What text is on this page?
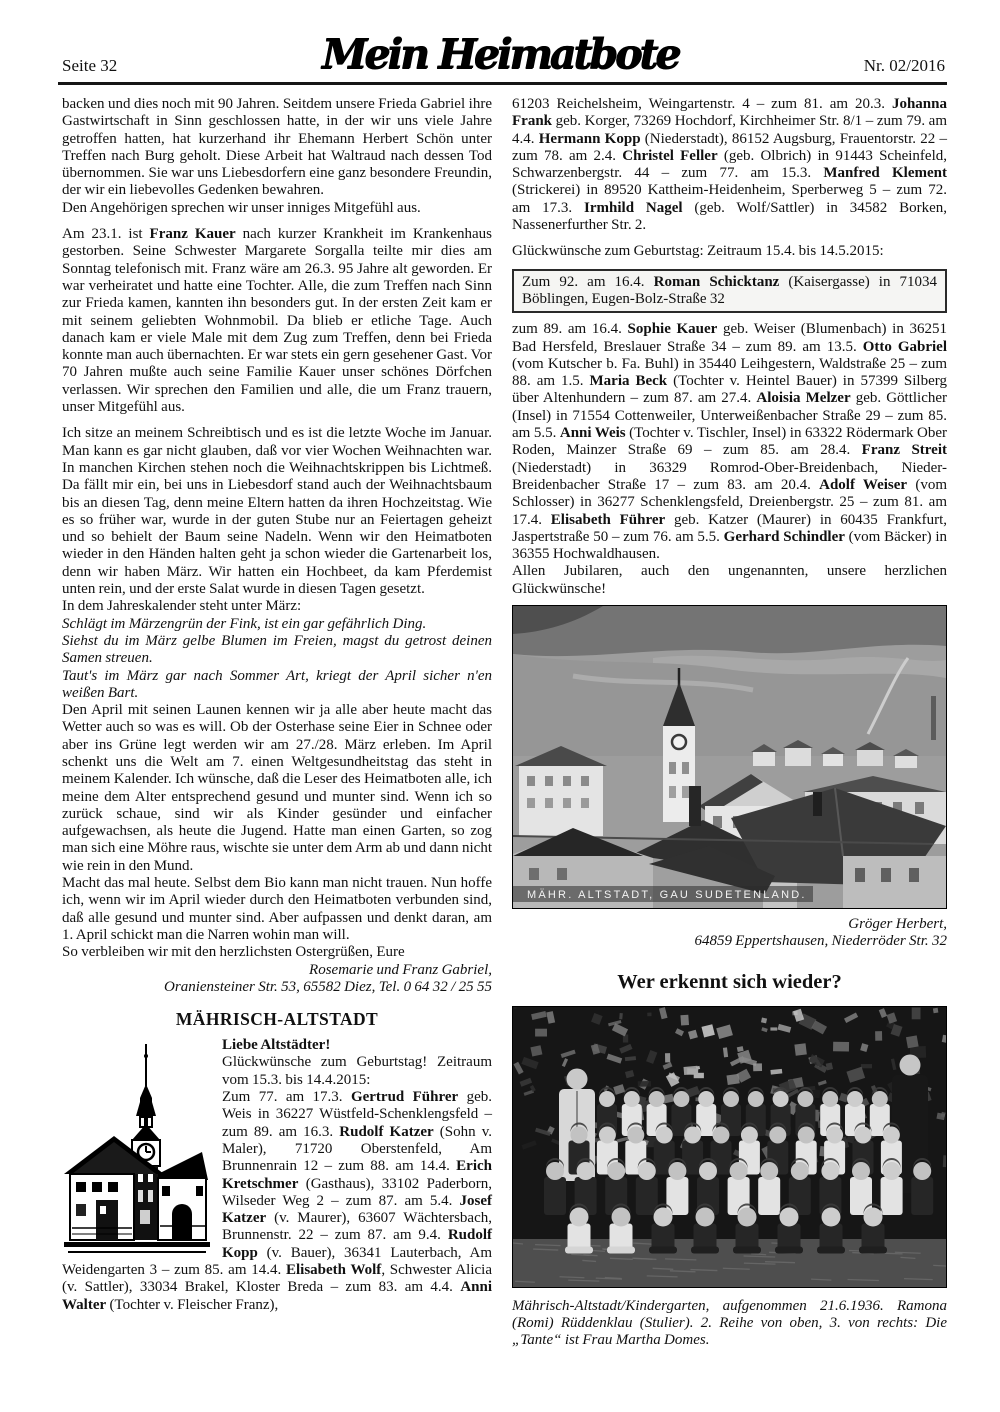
Seite 32	Mein Heimatbote	Nr. 02/2016

backen und dies noch mit 90 Jahren. Seitdem unsere Frieda Gabriel ihre Gastwirtschaft in Sinn geschlossen hatte, in der wir uns viele Jahre getroffen hatten, hat kurzerhand ihr Ehemann Herbert Schön unter Treffen nach Burg geholt. Diese Arbeit hat Waltraud nach dessen Tod übernommen. Sie war uns Liebesdorfern eine ganz besondere Freundin, der wir ein liebevolles Gedenken bewahren.

Den Angehörigen sprechen wir unser inniges Mitgefühl aus.

Am 23.1. ist Franz Kauer nach kurzer Krankheit im Krankenhaus gestorben. Seine Schwester Margarete Sorgalla teilte mir dies am Sonntag telefonisch mit. Franz wäre am 26.3. 95 Jahre alt geworden. Er war verheiratet und hatte eine Tochter. Alle, die zum Treffen nach Sinn zur Frieda kamen, kannten ihn besonders gut. In der ersten Zeit kam er mit seinem geliebten Wohnmobil. Da blieb er etliche Tage. Auch danach kam er viele Male mit dem Zug zum Treffen, denn bei Frieda konnte man auch übernachten. Er war stets ein gern gesehener Gast. Vor 70 Jahren mußte auch seine Familie Kauer unser schönes Dörfchen verlassen. Wir sprechen den Familien und alle, die um Franz trauern, unser Mitgefühl aus.

Ich sitze an meinem Schreibtisch und es ist die letzte Woche im Januar. Man kann es gar nicht glauben, daß vor vier Wochen Weihnachten war. In manchen Kirchen stehen noch die Weihnachtskrippen bis Lichtmeß. Da fällt mir ein, bei uns in Liebesdorf stand auch der Weihnachtsbaum bis an diesen Tag, denn meine Eltern hatten da ihren Hochzeitstag. Wie es so früher war, wurde in der guten Stube nur an Feiertagen geheizt und so behielt der Baum seine Nadeln. Wenn wir den Heimatboten wieder in den Händen halten geht ja schon wieder die Gartenarbeit los, denn wir haben März. Wir hatten ein Hochbeet, da kam Pferdemist unten rein, und der erste Salat wurde in diesen Tagen gesetzt.

In dem Jahreskalender steht unter März:

Schlägt im Märzengrün der Fink, ist ein gar gefährlich Ding.

Siehst du im März gelbe Blumen im Freien, magst du getrost deinen Samen streuen.

Taut's im März gar nach Sommer Art, kriegt der April sicher n'en weißen Bart.

Den April mit seinen Launen kennen wir ja alle aber heute macht das Wetter auch so was es will. Ob der Osterhase seine Eier in Schnee oder aber ins Grüne legt werden wir am 27./28. März erleben. Im April schenkt uns die Welt am 7. einen Weltgesundheitstag das steht in meinem Kalender. Ich wünsche, daß die Leser des Heimatboten alle, ich meine dem Alter entsprechend gesund und munter sind. Wenn ich so zurück schaue, sind wir als Kinder gesünder und einfacher aufgewachsen, als heute die Jugend. Hatte man einen Garten, so zog man sich eine Möhre raus, wischte sie unter dem Arm ab und dann nicht wie rein in den Mund.

Macht das mal heute. Selbst dem Bio kann man nicht trauen. Nun hoffe ich, wenn wir im April wieder durch den Heimatboten verbunden sind, daß alle gesund und munter sind. Aber aufpassen und denkt daran, am 1. April schickt man die Narren wohin man will.

So verbleiben wir mit den herzlichsten Ostergrüßen, Eure

Rosemarie und Franz Gabriel,

Oraniensteiner Str. 53, 65582 Diez, Tel. 0 64 32 / 25 55

MÄHRISCH-ALTSTADT

Liebe Altstädter!

Glückwünsche zum Geburtstag! Zeitraum vom 15.3. bis 14.4.2015:

Zum 77. am 17.3. Gertrud Führer geb. Weis in 36227 Wüstfeld-Schenklengsfeld – zum 89. am 16.3. Rudolf Katzer (Sohn v. Maler), 71720 Oberstenfeld, Am Brunnenrain 12 – zum 88. am 14.4. Erich Kretschmer (Gasthaus), 33102 Paderborn, Wilseder Weg 2 – zum 87. am 5.4. Josef Katzer (v. Maurer), 63607 Wächtersbach, Brunnenstr. 22 – zum 87. am 9.4. Rudolf Kopp (v. Bauer), 36341 Lauterbach, Am Weidengarten 3 – zum 85. am 14.4. Elisabeth Wolf, Schwester Alicia (v. Sattler), 33034 Brakel, Kloster Breda – zum 83. am 4.4. Anni Walter (Tochter v. Fleischer Franz),

61203 Reichelsheim, Weingartenstr. 4 – zum 81. am 20.3. Johanna Frank geb. Korger, 73269 Hochdorf, Kirchheimer Str. 8/1 – zum 79. am 4.4. Hermann Kopp (Niederstadt), 86152 Augsburg, Frauentorstr. 22 – zum 78. am 2.4. Christel Feller (geb. Olbrich) in 91443 Scheinfeld, Schwarzenbergstr. 44 – zum 77. am 15.3. Manfred Klement (Strickerei) in 89520 Kattheim-Heidenheim, Sperberweg 5 – zum 72. am 17.3. Irmhild Nagel (geb. Wolf/Sattler) in 34582 Borken, Nassenerfurther Str. 2.

Glückwünsche zum Geburtstag: Zeitraum 15.4. bis 14.5.2015:

Zum 92. am 16.4. Roman Schicktanz (Kaisergasse) in 71034 Böblingen, Eugen-Bolz-Straße 32

zum 89. am 16.4. Sophie Kauer geb. Weiser (Blumenbach) in 36251 Bad Hersfeld, Breslauer Straße 34 – zum 89. am 13.5. Otto Gabriel (vom Kutscher b. Fa. Buhl) in 35440 Leihgestern, Waldstraße 25 – zum 88. am 1.5. Maria Beck (Tochter v. Heintel Bauer) in 57399 Silberg über Altenhundern – zum 87. am 27.4. Aloisia Melzer geb. Göttlicher (Insel) in 71554 Cottenweiler, Unterweißenbacher Straße 29 – zum 85. am 5.5. Anni Weis (Tochter v. Tischler, Insel) in 63322 Rödermark Ober Roden, Mainzer Straße 69 – zum 85. am 28.4. Franz Streit (Niederstadt) in 36329 Romrod-Ober-Breidenbach, Nieder-Breidenbacher Straße 17 – zum 83. am 20.4. Adolf Weiser (vom Schlosser) in 36277 Schenklengsfeld, Dreienbergstr. 25 – zum 81. am 17.4. Elisabeth Führer geb. Katzer (Maurer) in 60435 Frankfurt, Jaspertstraße 50 – zum 76. am 5.5. Gerhard Schindler (vom Bäcker) in 36355 Hochwaldhausen.

Allen Jubilaren, auch den ungenannten, unsere herzlichen Glückwünsche!

MÄHR. ALTSTADT, GAU SUDETENLAND.

Gröger Herbert,

64859 Eppertshausen, Niederröder Str. 32

Wer erkennt sich wieder?

Mährisch-Altstadt/Kindergarten, aufgenommen 21.6.1936. Ramona (Romi) Rüddenklau (Stulier). 2. Reihe von oben, 3. von rechts: Die „Tante“ ist Frau Martha Domes.
